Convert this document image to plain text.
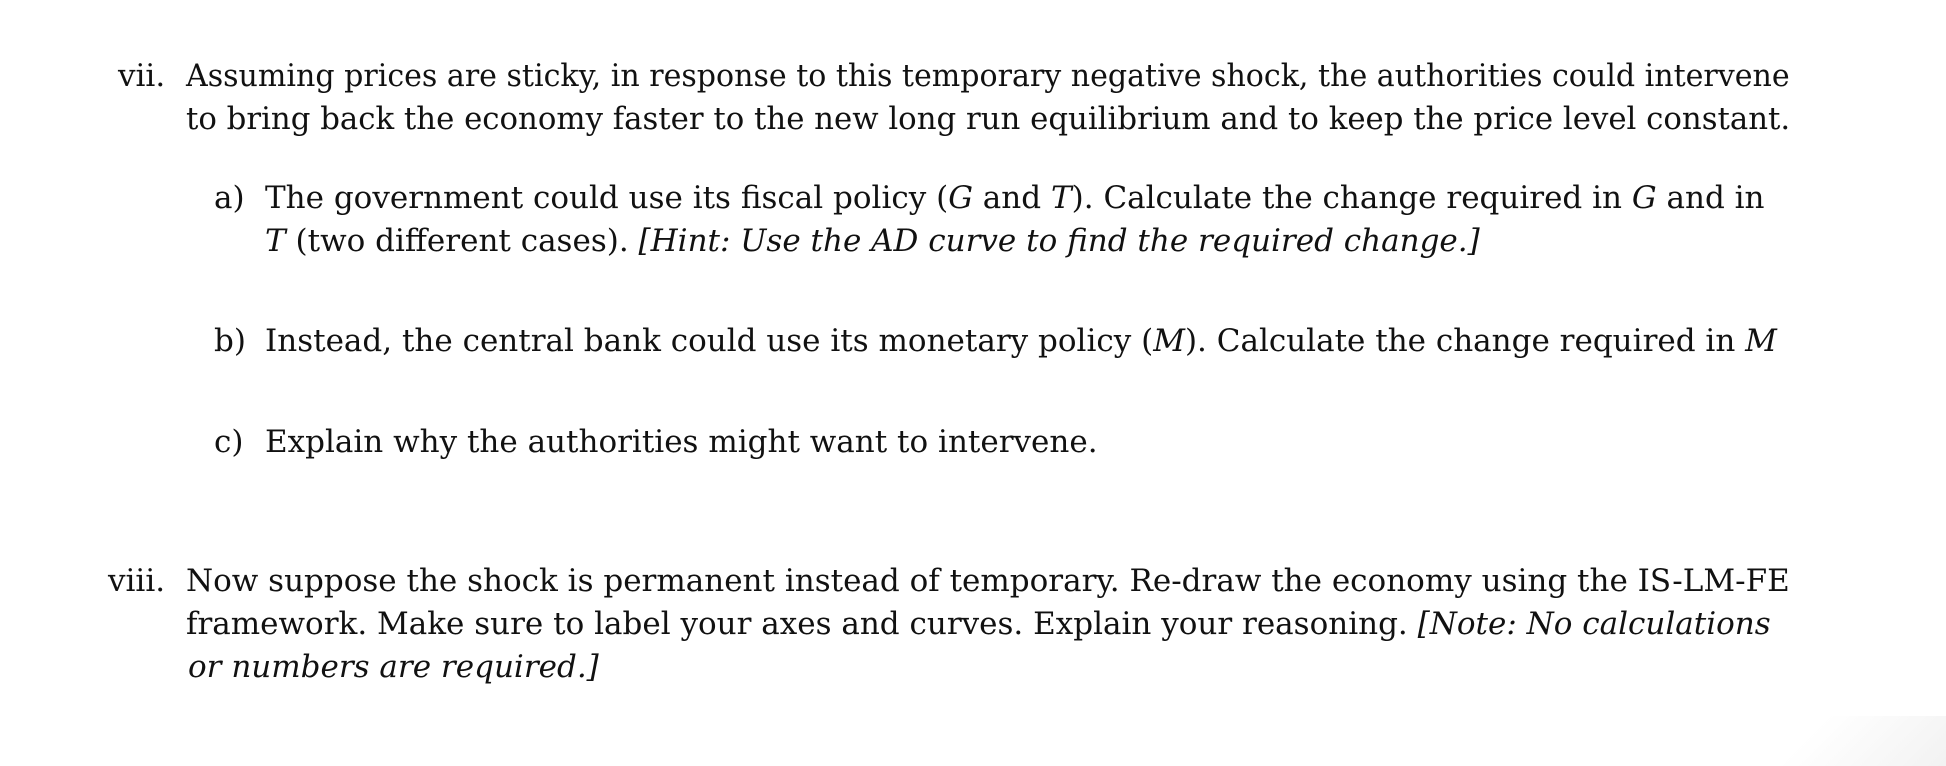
vii. Assuming prices are sticky, in response to this temporary negative shock, the authorities could intervene
to bring back the economy faster to the new long run equilibrium and to keep the price level constant.
a) The government could use its fiscal policy (G and T). Calculate the change required in G and in
T (two different cases). [Hint: Use the AD curve to find the required change.]
b) Instead, the central bank could use its monetary policy (M). Calculate the change required in M
c) Explain why the authorities might want to intervene.
viii. Now suppose the shock is permanent instead of temporary. Re-draw the economy using the IS-LM-FE
framework. Make sure to label your axes and curves. Explain your reasoning. [Note: No calculations
or numbers are required.]
